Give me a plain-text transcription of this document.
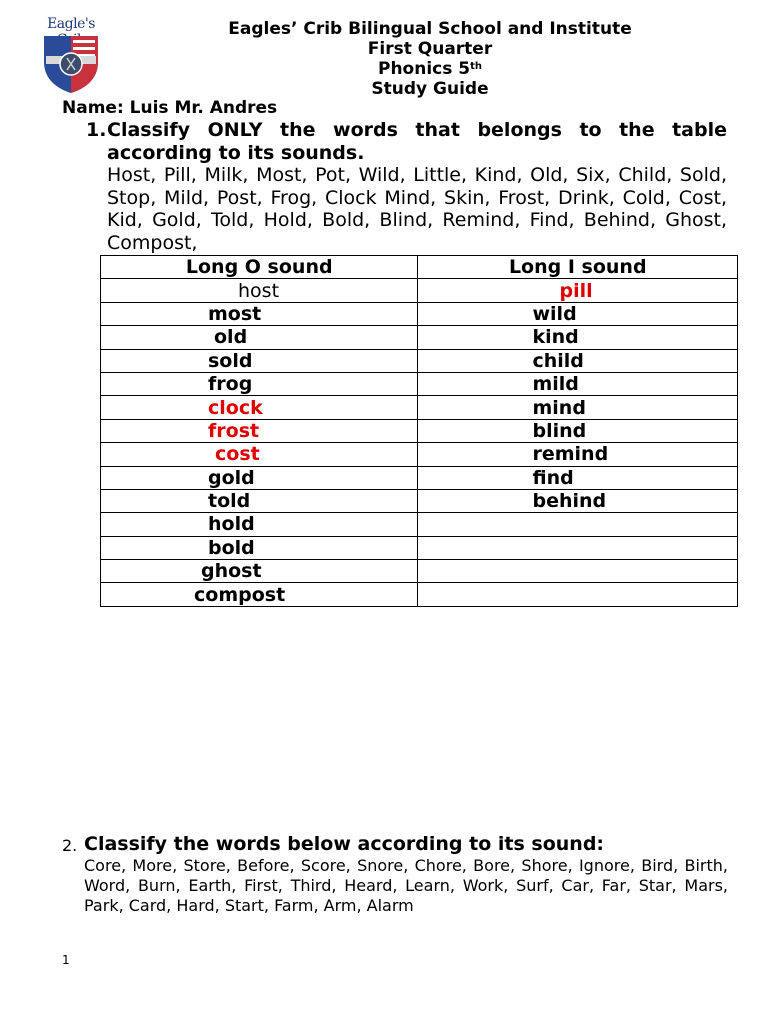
Eagle's	Eagles’ Crib Bilingual School and Institute
First Quarter
Phonics 5th
Study Guide
Name: Luis Mr. Andres
1. Classify ONLY the words that belongs to the table according to its sounds.
Host, Pill, Milk, Most, Pot, Wild, Little, Kind, Old, Six, Child, Sold, Stop, Mild, Post, Frog, Clock Mind, Skin, Frost, Drink, Cold, Cost, Kid, Gold, Told, Hold, Bold, Blind, Remind, Find, Behind, Ghost, Compost,
Long O sound	Long I sound
host	pill
most	wild
old	kind
sold	child
frog	mild
clock	mind
frost	blind
cost	remind
gold	find
told	behind
hold	
bold	
ghost	
compost	
2. Classify the words below according to its sound:
Core, More, Store, Before, Score, Snore, Chore, Bore, Shore, Ignore, Bird, Birth, Word, Burn, Earth, First, Third, Heard, Learn, Work, Surf, Car, Far, Star, Mars, Park, Card, Hard, Start, Farm, Arm, Alarm
1
